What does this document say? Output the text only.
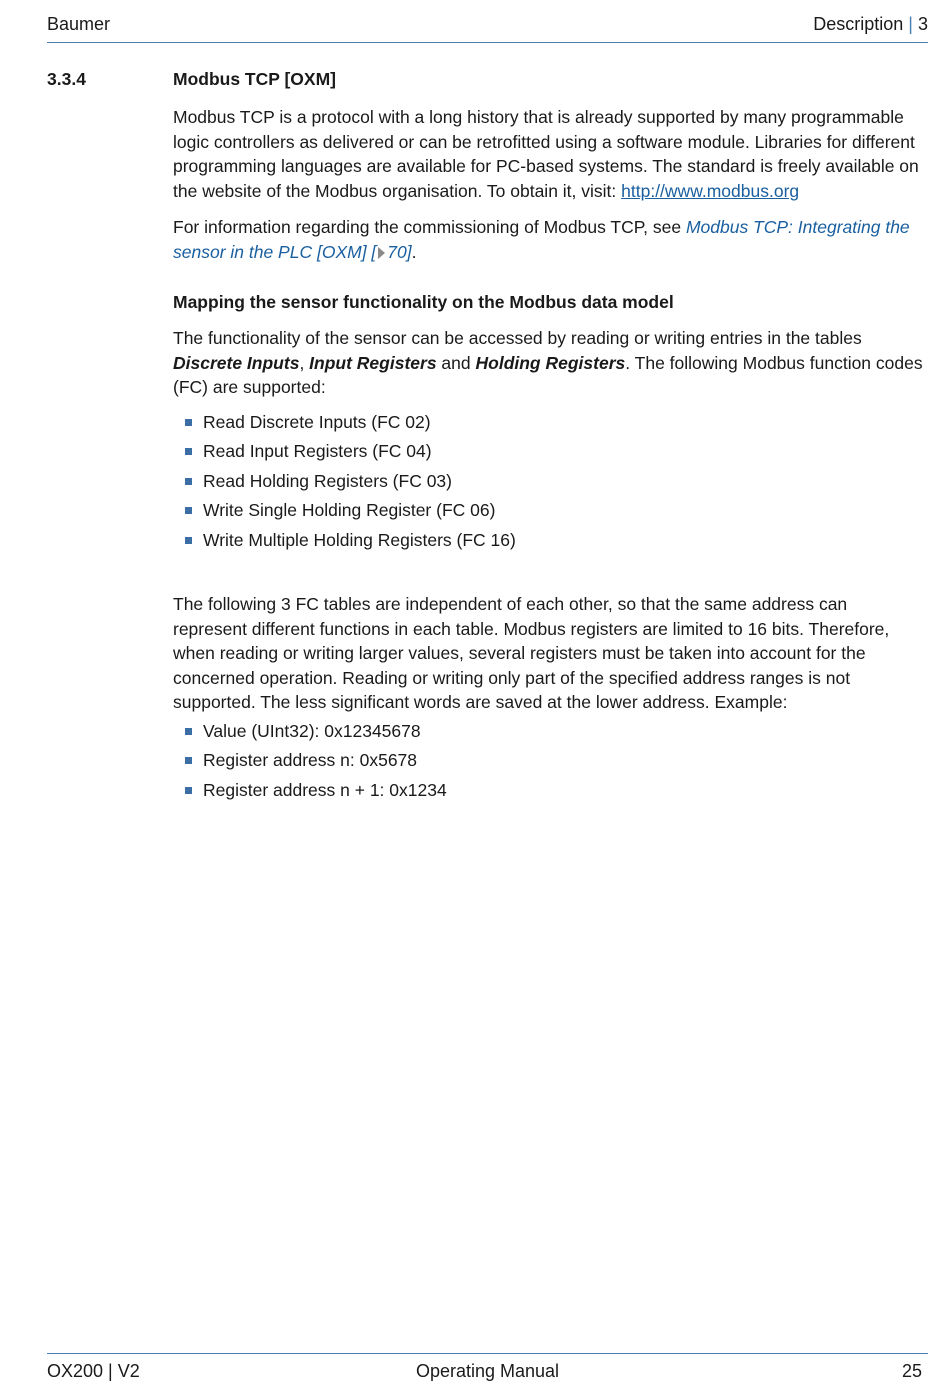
Baumer	Description | 3
3.3.4	Modbus TCP [OXM]

Modbus TCP is a protocol with a long history that is already supported by many programmable logic controllers as delivered or can be retrofitted using a software module. Libraries for different programming languages are available for PC-based systems. The standard is freely available on the website of the Modbus organisation. To obtain it, visit: http://www.modbus.org

For information regarding the commissioning of Modbus TCP, see Modbus TCP: Integrating the sensor in the PLC [OXM] [ 70].

Mapping the sensor functionality on the Modbus data model

The functionality of the sensor can be accessed by reading or writing entries in the tables Discrete Inputs, Input Registers and Holding Registers. The following Modbus function codes (FC) are supported:

Read Discrete Inputs (FC 02)
Read Input Registers (FC 04)
Read Holding Registers (FC 03)
Write Single Holding Register (FC 06)
Write Multiple Holding Registers (FC 16)

The following 3 FC tables are independent of each other, so that the same address can represent different functions in each table. Modbus registers are limited to 16 bits. Therefore, when reading or writing larger values, several registers must be taken into account for the concerned operation. Reading or writing only part of the specified address ranges is not supported. The less significant words are saved at the lower address. Example:

Value (UInt32): 0x12345678
Register address n: 0x5678
Register address n + 1: 0x1234
OX200 | V2	Operating Manual	25
